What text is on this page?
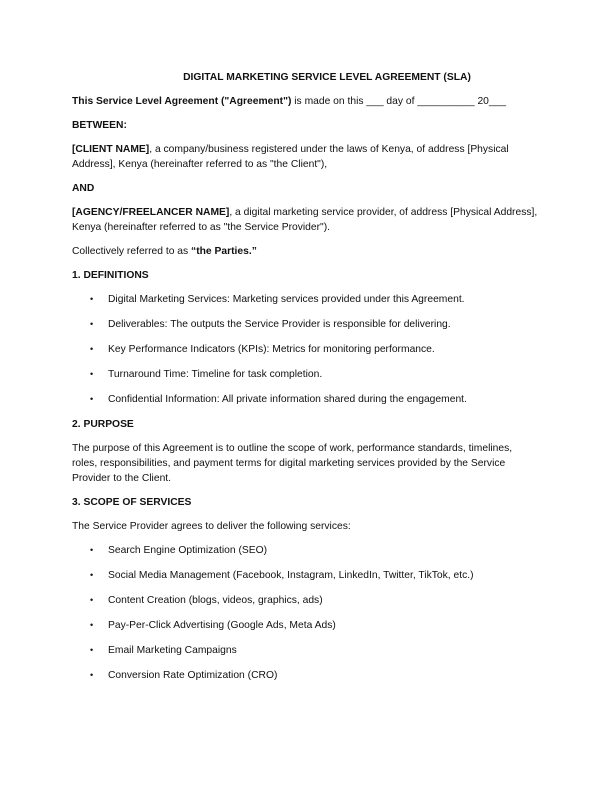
DIGITAL MARKETING SERVICE LEVEL AGREEMENT (SLA)

This Service Level Agreement ("Agreement") is made on this ___ day of __________ 20___

BETWEEN:

[CLIENT NAME], a company/business registered under the laws of Kenya, of address [Physical Address], Kenya (hereinafter referred to as "the Client"),

AND

[AGENCY/FREELANCER NAME], a digital marketing service provider, of address [Physical Address], Kenya (hereinafter referred to as "the Service Provider").

Collectively referred to as “the Parties.”

1. DEFINITIONS
• Digital Marketing Services: Marketing services provided under this Agreement.
• Deliverables: The outputs the Service Provider is responsible for delivering.
• Key Performance Indicators (KPIs): Metrics for monitoring performance.
• Turnaround Time: Timeline for task completion.
• Confidential Information: All private information shared during the engagement.
2. PURPOSE

The purpose of this Agreement is to outline the scope of work, performance standards, timelines, roles, responsibilities, and payment terms for digital marketing services provided by the Service Provider to the Client.

3. SCOPE OF SERVICES

The Service Provider agrees to deliver the following services:

• Search Engine Optimization (SEO)
• Social Media Management (Facebook, Instagram, LinkedIn, Twitter, TikTok, etc.)
• Content Creation (blogs, videos, graphics, ads)
• Pay-Per-Click Advertising (Google Ads, Meta Ads)
• Email Marketing Campaigns
• Conversion Rate Optimization (CRO)
